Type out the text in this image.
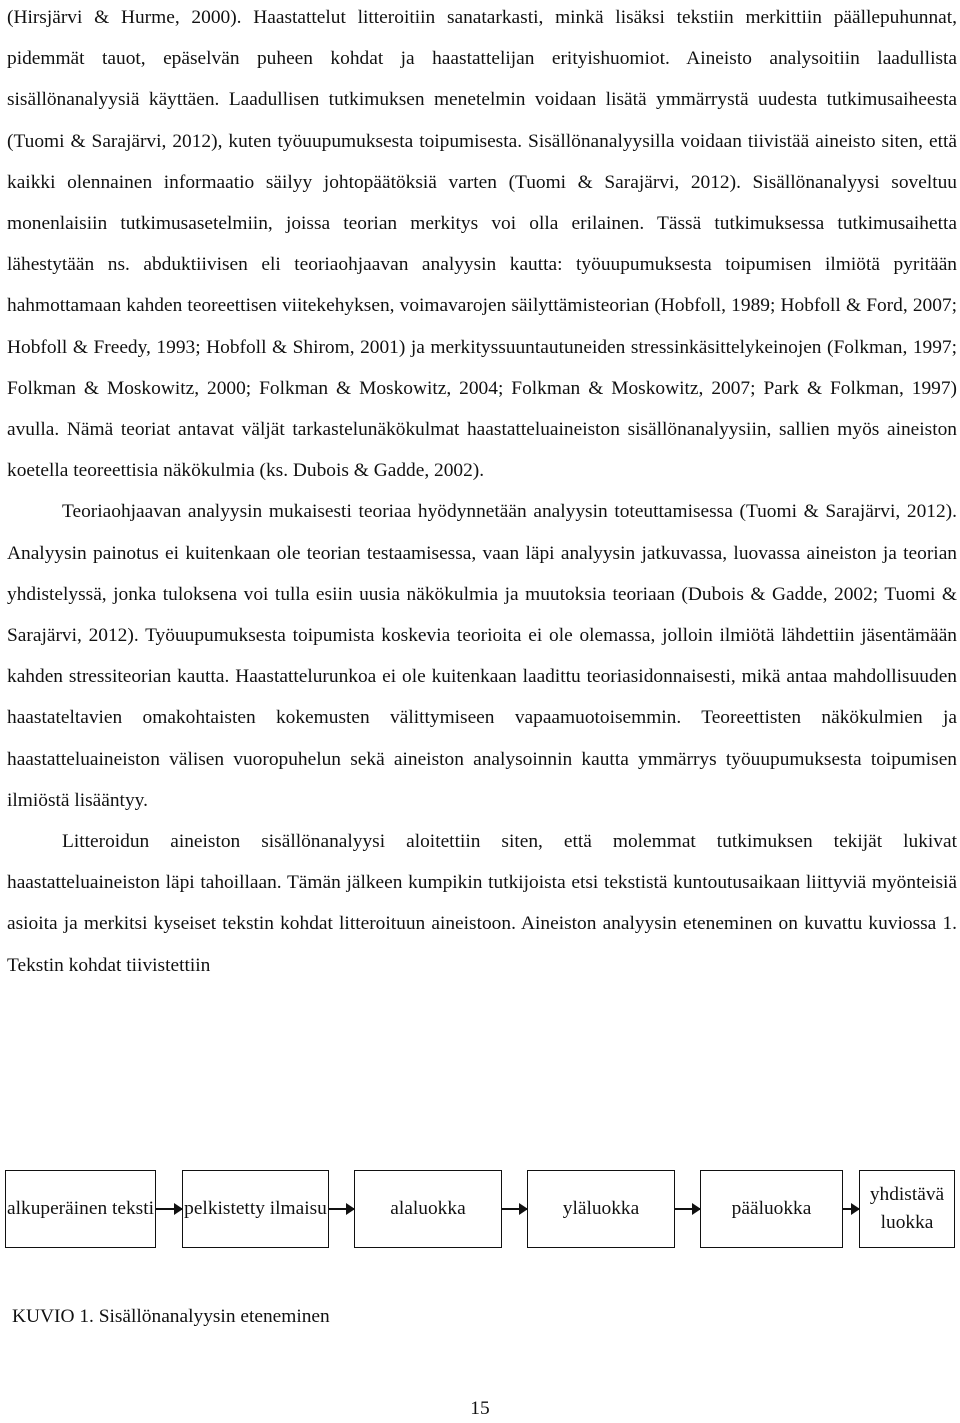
(Hirsjärvi & Hurme, 2000). Haastattelut litteroitiin sanatarkasti, minkä lisäksi tekstiin merkittiin päällepuhunnat, pidemmät tauot, epäselvän puheen kohdat ja haastattelijan erityishuomiot. Aineisto analysoitiin laadullista sisällönanalyysiä käyttäen. Laadullisen tutkimuksen menetelmin voidaan lisätä ymmärrystä uudesta tutkimusaiheesta (Tuomi & Sarajärvi, 2012), kuten työuupumuksesta toipumisesta. Sisällönanalyysilla voidaan tiivistää aineisto siten, että kaikki olennainen informaatio säilyy johtopäätöksiä varten (Tuomi & Sarajärvi, 2012). Sisällönanalyysi soveltuu monenlaisiin tutkimusasetelmiin, joissa teorian merkitys voi olla erilainen. Tässä tutkimuksessa tutkimusaihetta lähestytään ns. abduktiivisen eli teoriaohjaavan analyysin kautta: työuupumuksesta toipumisen ilmiötä pyritään hahmottamaan kahden teoreettisen viitekehyksen, voimavarojen säilyttämisteorian (Hobfoll, 1989; Hobfoll & Ford, 2007; Hobfoll & Freedy, 1993; Hobfoll & Shirom, 2001) ja merkityssuuntautuneiden stressinkäsittelykeinojen (Folkman, 1997; Folkman & Moskowitz, 2000; Folkman & Moskowitz, 2004; Folkman & Moskowitz, 2007; Park & Folkman, 1997) avulla. Nämä teoriat antavat väljät tarkastelunäkökulmat haastatteluaineiston sisällönanalyysiin, sallien myös aineiston koetella teoreettisia näkökulmia (ks. Dubois & Gadde, 2002).

Teoriaohjaavan analyysin mukaisesti teoriaa hyödynnetään analyysin toteuttamisessa (Tuomi & Sarajärvi, 2012). Analyysin painotus ei kuitenkaan ole teorian testaamisessa, vaan läpi analyysin jatkuvassa, luovassa aineiston ja teorian yhdistelyssä, jonka tuloksena voi tulla esiin uusia näkökulmia ja muutoksia teoriaan (Dubois & Gadde, 2002; Tuomi & Sarajärvi, 2012). Työuupumuksesta toipumista koskevia teorioita ei ole olemassa, jolloin ilmiötä lähdettiin jäsentämään kahden stressiteorian kautta. Haastattelurunkoa ei ole kuitenkaan laadittu teoriasidonnaisesti, mikä antaa mahdollisuuden haastateltavien omakohtaisten kokemusten välittymiseen vapaamuotoisemmin. Teoreettisten näkökulmien ja haastatteluaineiston välisen vuoropuhelun sekä aineiston analysoinnin kautta ymmärrys työuupumuksesta toipumisen ilmiöstä lisääntyy.

Litteroidun aineiston sisällönanalyysi aloitettiin siten, että molemmat tutkimuksen tekijät lukivat haastatteluaineiston läpi tahoillaan. Tämän jälkeen kumpikin tutkijoista etsi tekstistä kuntoutusaikaan liittyviä myönteisiä asioita ja merkitsi kyseiset tekstin kohdat litteroituun aineistoon. Aineiston analyysin eteneminen on kuvattu kuviossa 1. Tekstin kohdat tiivistettiin

alkuperäinen teksti pelkistetty ilmaisu	alaluokka	yläluokka	pääluokka
yhdistävä luokka
KUVIO 1. Sisällönanalyysin eteneminen
15
